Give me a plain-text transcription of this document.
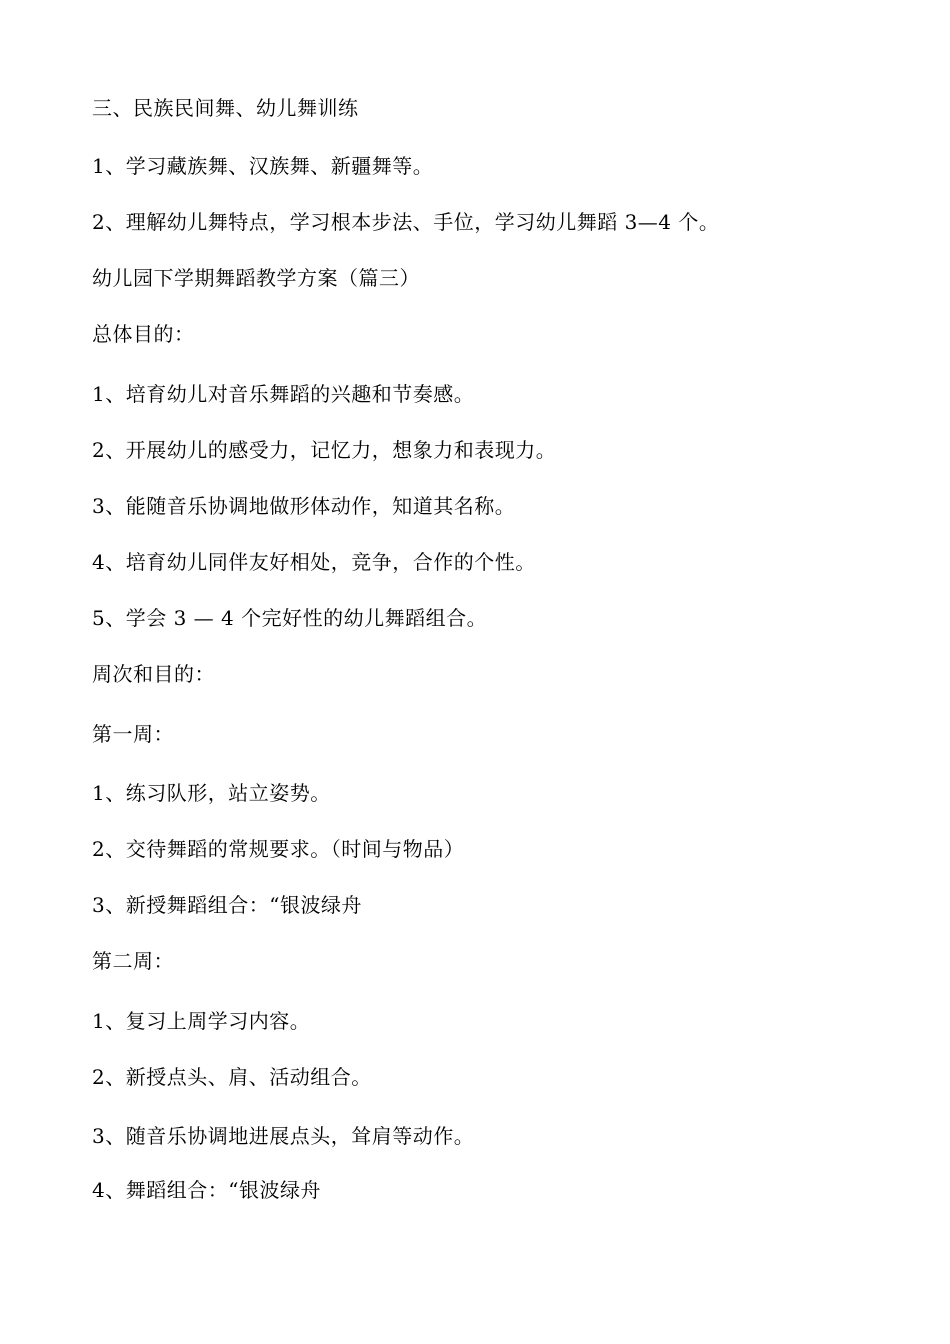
三、民族民间舞、幼儿舞训练
1、学习藏族舞、汉族舞、新疆舞等。
2、理解幼儿舞特点，学习根本步法、手位，学习幼儿舞蹈 3—4 个。
幼儿园下学期舞蹈教学方案（篇三）
总体目的：
1、培育幼儿对音乐舞蹈的兴趣和节奏感。
2、开展幼儿的感受力，记忆力，想象力和表现力。
3、能随音乐协调地做形体动作，知道其名称。
4、培育幼儿同伴友好相处，竞争，合作的个性。
5、学会 3 — 4 个完好性的幼儿舞蹈组合。
周次和目的：
第一周：
1、练习队形，站立姿势。
2、交待舞蹈的常规要求。（时间与物品）
3、新授舞蹈组合：“银波绿舟
第二周：
1、复习上周学习内容。
2、新授点头、肩、活动组合。
3、随音乐协调地进展点头，耸肩等动作。
4、舞蹈组合：“银波绿舟
